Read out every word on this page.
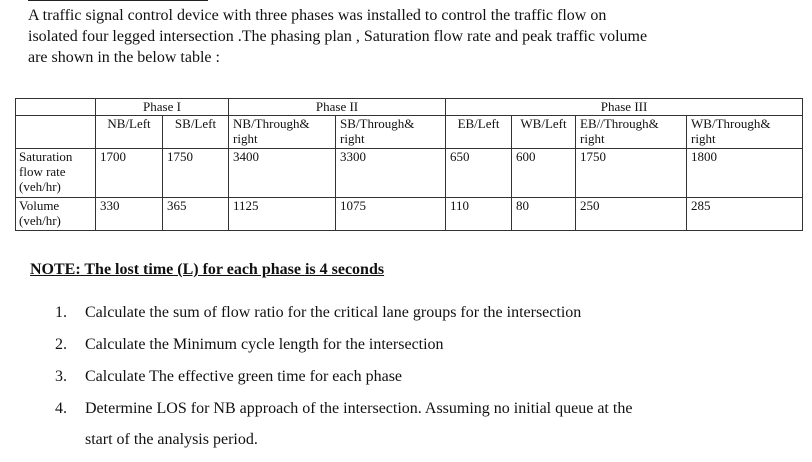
A traffic signal control device with three phases was installed to control the traffic flow on
isolated four legged intersection .The phasing plan , Saturation flow rate and peak traffic volume
are shown in the below table :

	Phase I		Phase II		Phase III			
	NB/Left	SB/Left	NB/Through&
right	SB/Through&
right	EB/Left	WB/Left	EB//Through&
right	WB/Through&
right
Saturation
flow rate
(veh/hr)	1700	1750	3400	3300	650	600	1750	1800
Volume
(veh/hr)	330	365	1125	1075	110	80	250	285

NOTE: The lost time (L) for each phase is 4 seconds

1. Calculate the sum of flow ratio for the critical lane groups for the intersection
2. Calculate the Minimum cycle length for the intersection
3. Calculate The effective green time for each phase
4. Determine LOS for NB approach of the intersection. Assuming no initial queue at the
start of the analysis period.
